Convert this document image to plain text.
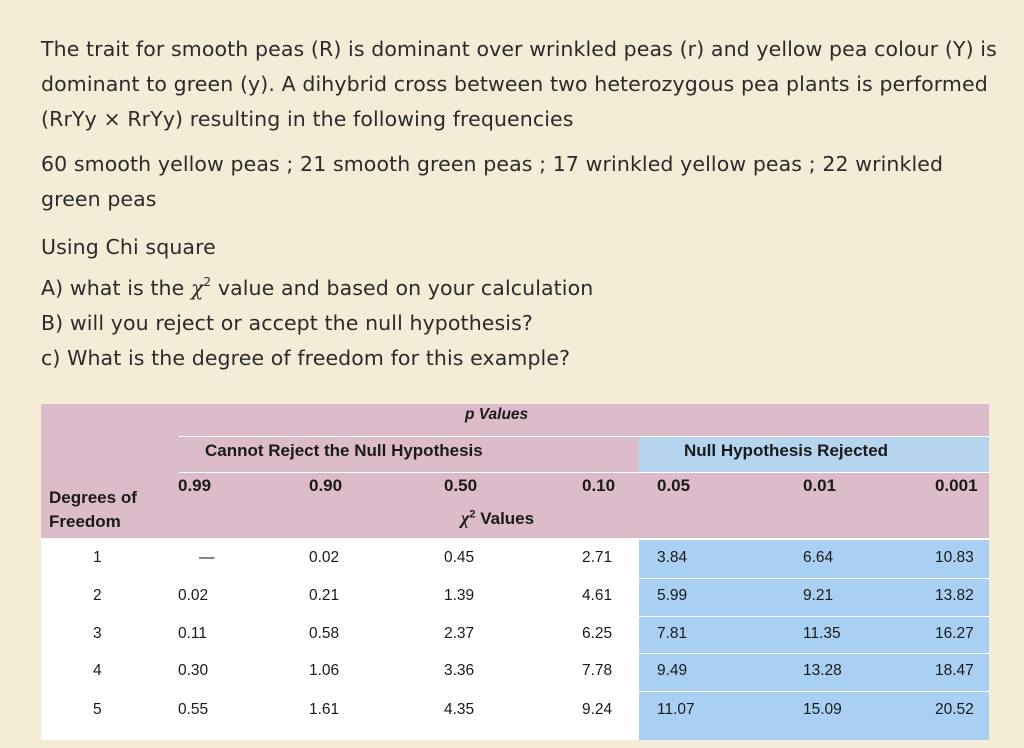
The trait for smooth peas (R) is dominant over wrinkled peas (r) and yellow pea colour (Y) is dominant to green (y). A dihybrid cross between two heterozygous pea plants is performed (RrYy × RrYy) resulting in the following frequencies
60 smooth yellow peas ; 21 smooth green peas ; 17 wrinkled yellow peas ; 22 wrinkled green peas
Using Chi square
A) what is the $\chi^2$ value and based on your calculation
B) will you reject or accept the null hypothesis?
c) What is the degree of freedom for this example?
p Values
Cannot Reject the Null Hypothesis	Null Hypothesis Rejected
Degrees of
Freedom	$\chi^2$ Values
0.99	0.90	0.50	0.10 0.05	0.01	0.001
1	—	0.02	0.45	2.71	3.84	6.64	10.83
2	0.02	0.21	1.39	4.61	5.99	9.21	13.82
3	0.11	0.58	2.37	6.25	7.81	11.35	16.27
4	0.30	1.06	3.36	7.78	9.49	13.28	18.47
5	0.55	1.61	4.35	9.24	11.07	15.09	20.52
